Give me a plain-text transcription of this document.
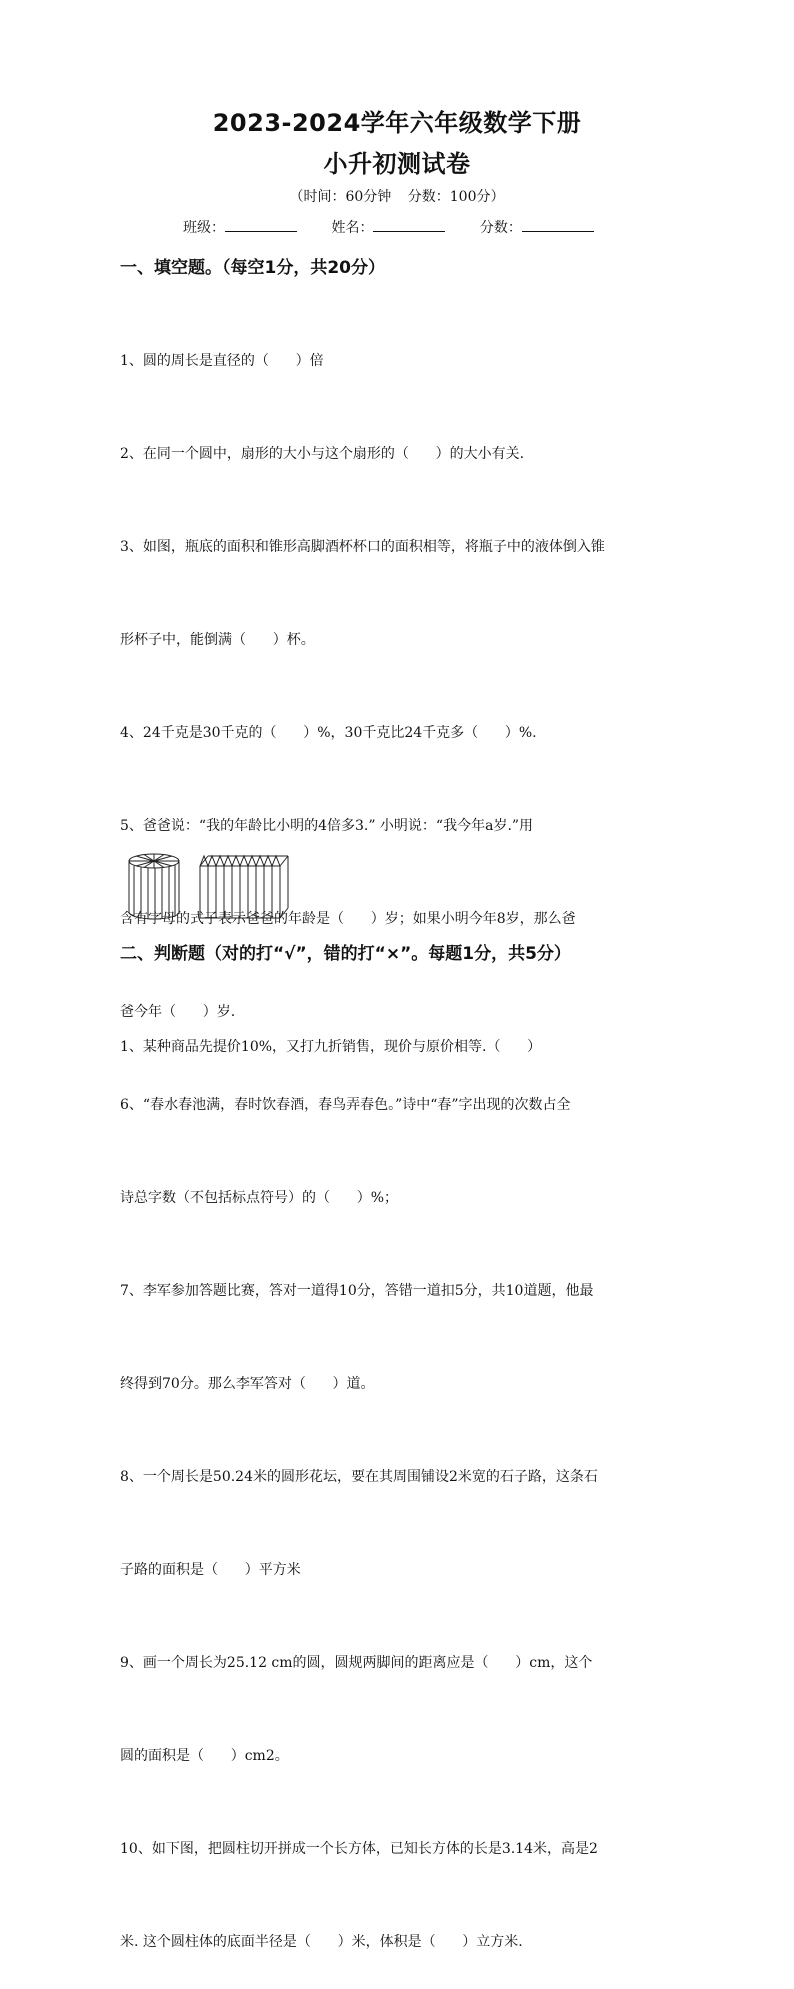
2023-2024学年六年级数学下册
小升初测试卷
（时间：60分钟 分数：100分）
班级：	姓名：	分数：
一、填空题。（每空1分，共20分）

1、圆的周长是直径的（      ）倍

2、在同一个圆中，扇形的大小与这个扇形的（      ）的大小有关.

3、如图，瓶底的面积和锥形高脚酒杯杯口的面积相等，将瓶子中的液体倒入锥

形杯子中，能倒满（      ）杯。

4、24千克是30千克的（      ）%，30千克比24千克多（      ）%.

5、爸爸说：“我的年龄比小明的4倍多3.” 小明说：“我今年a岁.”用

含有字母的式子表示爸爸的年龄是（      ）岁；如果小明今年8岁，那么爸

爸今年（      ）岁.

6、“春水春池满，春时饮春酒，春鸟弄春色。”诗中“春”字出现的次数占全

诗总字数（不包括标点符号）的（      ）%；

7、李军参加答题比赛，答对一道得10分，答错一道扣5分，共10道题，他最

终得到70分。那么李军答对（      ）道。

8、一个周长是50.24米的圆形花坛，要在其周围铺设2米宽的石子路，这条石

子路的面积是（      ）平方米

9、画一个周长为25.12 cm的圆，圆规两脚间的距离应是（      ）cm，这个

圆的面积是（      ）cm2。

10、如下图，把圆柱切开拼成一个长方体，已知长方体的长是3.14米，高是2

米. 这个圆柱体的底面半径是（      ）米，体积是（      ）立方米.

二、判断题（对的打“√”，错的打“×”。每题1分，共5分）

1、某种商品先提价10%，又打九折销售，现价与原价相等.（      ）
